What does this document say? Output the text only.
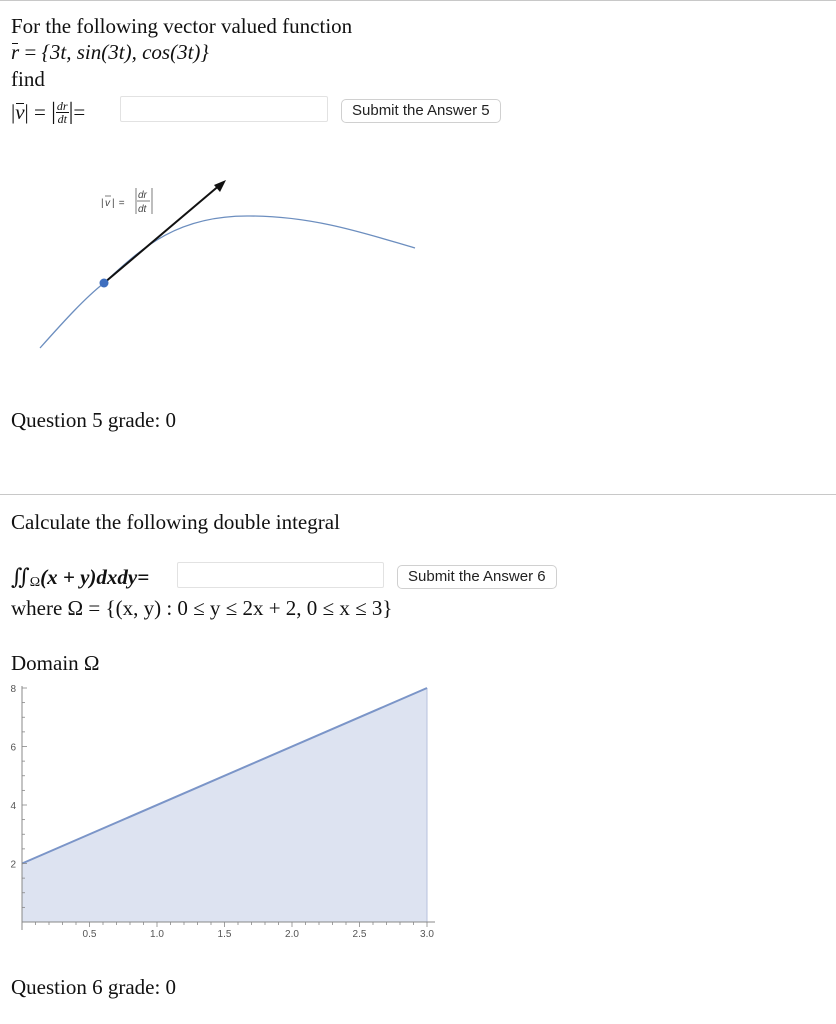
For the following vector valued function
r = {3t, sin(3t), cos(3t)}
find
| v | = | $\frac{dr}{dt}$ | =	Submit the Answer 5
| v | =
dr
dt
Question 5 grade: 0
Calculate the following double integral
∬ Ω (x + y)dxdy=	Submit the Answer 6
where Ω = {(x, y) : 0 ≤ y ≤ 2x + 2, 0 ≤ x ≤ 3}
Domain Ω
0.5	1.0	1.5	2.0	2.5	3.0
2
4
6
8
Question 6 grade: 0
